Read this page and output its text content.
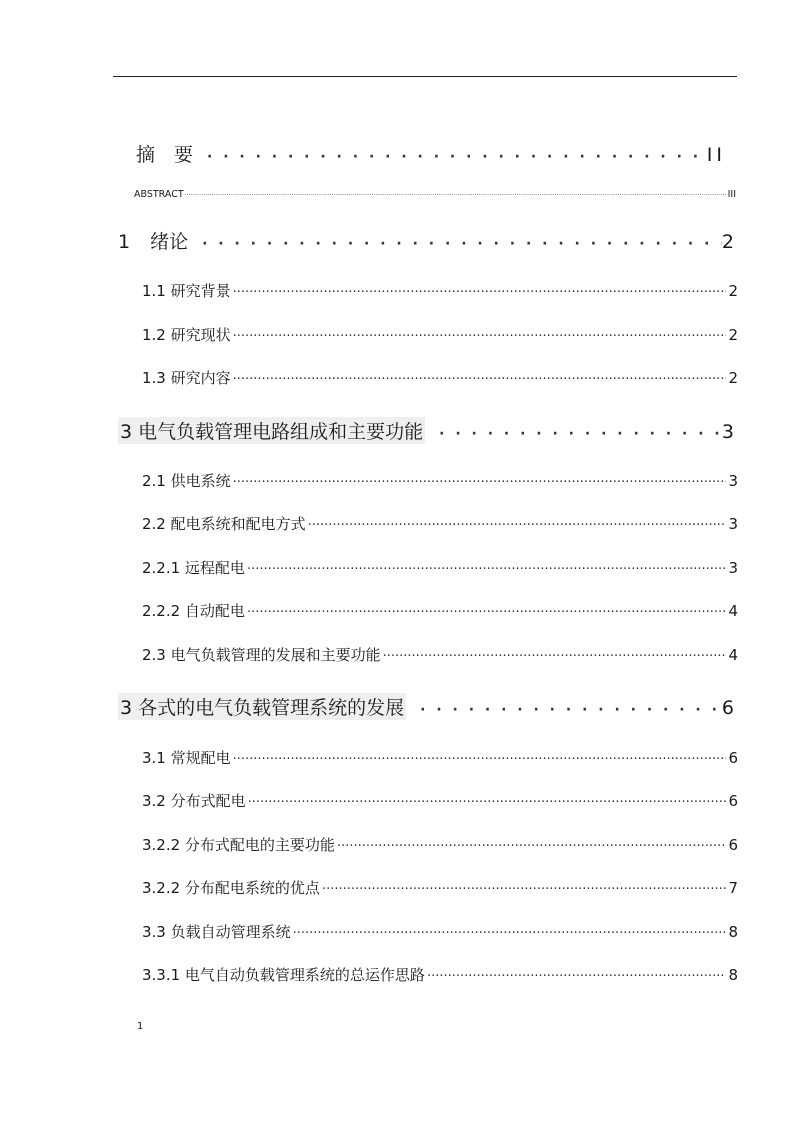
摘　要 · · ·	II
ABSTRACT ·····	III
1 绪论 · · ·	2
1.1 研究背景 ·····	2
1.2 研究现状 ·····	2
1.3 研究内容 ·····	2
3 电气负载管理电路组成和主要功能 · · ·	3
2.1 供电系统 ·····	3
2.2 配电系统和配电方式 ·····	3
2.2.1 远程配电 ·····	3
2.2.2 自动配电 ·····	4
2.3 电气负载管理的发展和主要功能 ·····	4
3 各式的电气负载管理系统的发展 · · ·	6
3.1 常规配电 ·····	6
3.2 分布式配电 ·····	6
3.2.2 分布式配电的主要功能 ·····	6
3.2.2 分布配电系统的优点 ·····	7
3.3 负载自动管理系统 ·····	8
3.3.1 电气自动负载管理系统的总运作思路 ·····	8
1
